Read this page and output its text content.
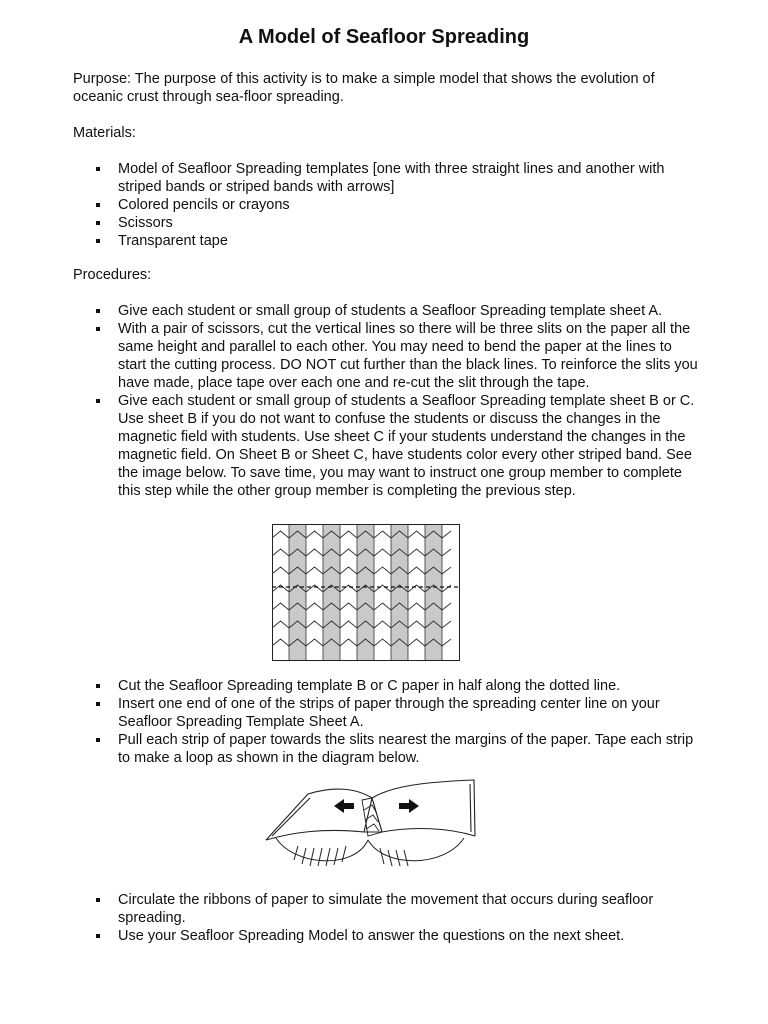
A Model of Seafloor Spreading

Purpose: The purpose of this activity is to make a simple model that shows the evolution of oceanic crust through sea-floor spreading.

Materials:

Model of Seafloor Spreading templates [one with three straight lines and another with striped bands or striped bands with arrows]
Colored pencils or crayons
Scissors
Transparent tape

Procedures:

Give each student or small group of students a Seafloor Spreading template sheet A.
With a pair of scissors, cut the vertical lines so there will be three slits on the paper all the same height and parallel to each other. You may need to bend the paper at the lines to start the cutting process. DO NOT cut further than the black lines. To reinforce the slits you have made, place tape over each one and re-cut the slit through the tape.
Give each student or small group of students a Seafloor Spreading template sheet B or C. Use sheet B if you do not want to confuse the students or discuss the changes in the magnetic field with students. Use sheet C if your students understand the changes in the magnetic field. On Sheet B or Sheet C, have students color every other striped band. See the image below. To save time, you may want to instruct one group member to complete this step while the other group member is completing the previous step.
Cut the Seafloor Spreading template B or C paper in half along the dotted line.
Insert one end of one of the strips of paper through the spreading center line on your Seafloor Spreading Template Sheet A.
Pull each strip of paper towards the slits nearest the margins of the paper. Tape each strip to make a loop as shown in the diagram below.
Circulate the ribbons of paper to simulate the movement that occurs during seafloor spreading.
Use your Seafloor Spreading Model to answer the questions on the next sheet.
